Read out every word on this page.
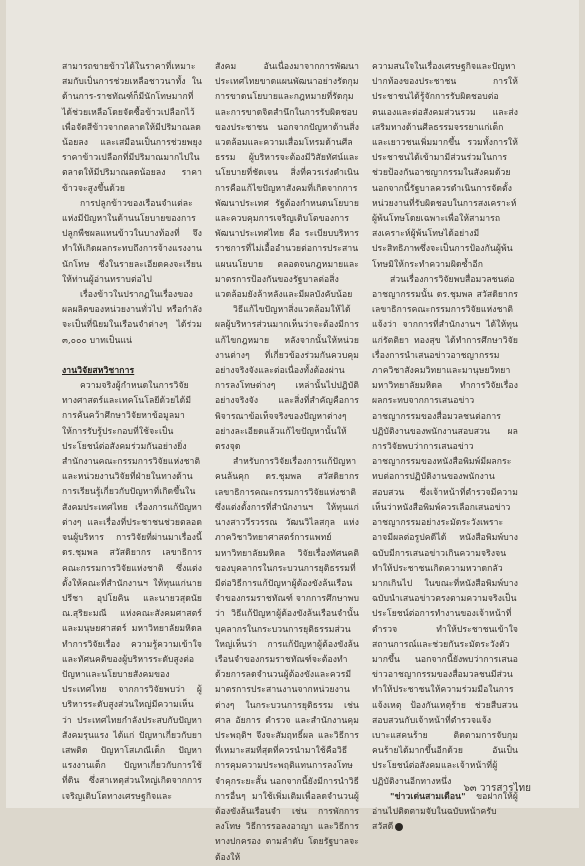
สามารถขายข้าวได้ในราคาที่เหมาะสมกับเป็นการช่วยเหลือชาวนาทั้ง ในด้านการ-ราชทัณฑ์ก็มีนักโทษมากที่ได้ช่วยเหลือโดยจัดซื้อข้าวเปลือกไว้เพื่อจัดสีข้าวจากตลาดให้มีปริมาณลดน้อยลง และเสมือนเป็นการช่วยพยุงราคาข้าวเปลือกที่มีปริมาณมากไปในตลาดให้มีปริมาณลดน้อยลง ราคาข้าวจะสูงขึ้นด้วย

การปลูกข้าวของเรือนจำแต่ละแห่งมีปัญหาในด้านนโยบายของการปลูกพืชผลแทนข้าวในบางท้องที่ จึงทำให้เกิดผลกระทบถึงการจ้างแรงงานนักโทษ ซึ่งในรายละเอียดคงจะเรียนให้ท่านผู้อ่านทราบต่อไป

เรื่องข้าวในปรากฏในเรื่องของผลผลิตของหน่วยงานทั่วไป หรือกำลังจะเป็นที่นิยมในเรือนจำต่างๆ ได้ร่วม ๓,๐๐๐ บาทเป็นแน่

งานวิจัยสหวิชาการ

ความจริงผู้กำหนดในการวิจัยทางศาสตร์และเทคโนโลยีด้วยได้มีการค้นคว้าศึกษาวิจัยหาข้อมูลมาให้การรับรู้ประกอบที่ใช้จะเป็นประโยชน์ต่อสังคมร่วมกันอย่างยิ่ง สำนักงานคณะกรรมการวิจัยแห่งชาติและหน่วยงานวิจัยที่ฝ่ายในทางด้านการเรียนรู้เกี่ยวกับปัญหาที่เกิดขึ้นในสังคมประเทศไทย เรื่องการแก้ปัญหาต่างๆ และเรื่องที่ประชาชนช่วยตลอดจนผู้บริหาร การวิจัยที่ผ่านมาเรื่องนี้ ดร.ชุมพล สวัสดิยากร เลขาธิการคณะกรรมการวิจัยแห่งชาติ ซึ่งแต่งตั้งให้คณะที่สำนักงานฯ ให้ทุนแก่นายปรีชา อุปโยคิน และนายวสุดนัย ณ.สุริยะมณี แห่งคณะสังคมศาสตร์และมนุษยศาสตร์ มหาวิทยาลัยมหิดล ทำการวิจัยเรื่อง ความรู้ความเข้าใจและทัศนคติของผู้บริหารระดับสูงต่อปัญหาและนโยบายสังคมของประเทศไทย จากการวิจัยพบว่า ผู้บริหารระดับสูงส่วนใหญ่มีความเห็นว่า ประเทศไทยกำลังประสบกับปัญหาสังคมรุนแรง ได้แก่ ปัญหาเกี่ยวกับยาเสพติด ปัญหาโสเภณีเด็ก ปัญหาแรงงานเด็ก ปัญหาเกี่ยวกับการใช้ที่ดิน ซึ่งสาเหตุส่วนใหญ่เกิดจากการเจริญเติบโตทางเศรษฐกิจและ

สังคม อันเนื่องมาจากการพัฒนาประเทศไทยขาดแผนพัฒนาอย่างรัดกุม การขาดนโยบายและกฎหมายที่รัดกุม และการขาดจิตสำนึกในการรับผิดชอบของประชาชน นอกจากปัญหาด้านสิ่งแวดล้อมและความเสื่อมโทรมด้านศีลธรรม ผู้บริหารจะต้องมีวิสัยทัศน์และนโยบายที่ชัดเจน สิ่งที่ควรเร่งดำเนินการคือแก้ไขปัญหาสังคมที่เกิดจากการพัฒนาประเทศ รัฐต้องกำหนดนโยบายและควบคุมการเจริญเติบโตของการพัฒนาประเทศไทย คือ ระเบียบบริหารราชการที่ไม่เอื้ออำนวยต่อการประสานแผนนโยบาย ตลอดจนกฎหมายและมาตรการป้องกันของรัฐบาลต่อสิ่งแวดล้อมยังล้าหลังและมีผลบังคับน้อย

วิธีแก้ไขปัญหาสิ่งแวดล้อมให้ได้ผลผู้บริหารส่วนมากเห็นว่าจะต้องมีการแก้ไขกฎหมาย หลังจากนั้นให้หน่วยงานต่างๆ ที่เกี่ยวข้องร่วมกันควบคุมอย่างจริงจังและต่อเนื่องทั้งต้องผ่านการลงโทษต่างๆ เหล่านั้นไปปฏิบัติอย่างจริงจัง และสิ่งที่สำคัญคือการพิจารณาข้อเท็จจริงของปัญหาต่างๆ อย่างละเอียดแล้วแก้ไขปัญหานั้นให้ตรงจุด

สำหรับการวิจัยเรื่องการแก้ปัญหาคนล้นคุก ดร.ชุมพล สวัสดิยากร เลขาธิการคณะกรรมการวิจัยแห่งชาติ ซึ่งแต่งตั้งการที่สำนักงานฯ ให้ทุนแก่ นางสาววีรวรรณ วัฒนวิไลสกุล แห่งภาควิชาวิทยาศาสตร์การแพทย์ มหาวิทยาลัยมหิดล วิจัยเรื่องทัศนคติของบุคลากรในกระบวนการยุติธรรมที่มีต่อวิธีการแก้ปัญหาผู้ต้องขังล้นเรือนจำของกรมราชทัณฑ์ จากการศึกษาพบว่า วิธีแก้ปัญหาผู้ต้องขังล้นเรือนจำนั้น บุคลากรในกระบวนการยุติธรรมส่วนใหญ่เห็นว่า การแก้ปัญหาผู้ต้องขังล้นเรือนจำของกรมราชทัณฑ์จะต้องทำด้วยการลดจำนวนผู้ต้องขังและควรมีมาตรการประสานงานจากหน่วยงานต่างๆ ในกระบวนการยุติธรรม เช่น ศาล อัยการ ตำรวจ และสำนักงานคุมประพฤติฯ จึงจะสัมฤทธิ์ผล และวิธีการที่เหมาะสมที่สุดที่ควรนำมาใช้คือวิธีการคุมความประพฤติแทนการลงโทษจำคุกระยะสั้น นอกจากนี้ยังมีการนำวิธีการอื่นๆ มาใช้เพิ่มเติมเพื่อลดจำนวนผู้ต้องขังล้นเรือนจำ เช่น การพักการลงโทษ วิธีการรอลงอาญา และวิธีการทางปกครอง ตามลำดับ โดยรัฐบาลจะต้องให้

ความสนใจในเรื่องเศรษฐกิจและปัญหาปากท้องของประชาชน การให้ประชาชนได้รู้จักการรับผิดชอบต่อตนเองและต่อสังคมส่วนรวม และส่งเสริมทางด้านศีลธรรมจรรยาแก่เด็กและเยาวชนเพิ่มมากขึ้น รวมทั้งการให้ประชาชนได้เข้ามามีส่วนร่วมในการช่วยป้องกันอาชญากรรมในสังคมด้วย นอกจากนี้รัฐบาลควรดำเนินการจัดตั้งหน่วยงานที่รับผิดชอบในการสงเคราะห์ผู้พ้นโทษโดยเฉพาะเพื่อให้สามารถสงเคราะห์ผู้พ้นโทษได้อย่างมีประสิทธิภาพซึ่งจะเป็นการป้องกันผู้พ้นโทษมิให้กระทำความผิดซ้ำอีก

ส่วนเรื่องการวิจัยพบสื่อมวลชนต่ออาชญากรรมนั้น ดร.ชุมพล สวัสดิยากร เลขาธิการคณะกรรมการวิจัยแห่งชาติ แจ้งว่า จากการที่สำนักงานฯ ได้ให้ทุนแก่รัตติยา ทองสุข ได้ทำการศึกษาวิจัยเรื่องการนำเสนอข่าวอาชญากรรม ภาควิชาสังคมวิทยาและมานุษยวิทยา มหาวิทยาลัยมหิดล ทำการวิจัยเรื่องผลกระทบจากการเสนอข่าวอาชญากรรมของสื่อมวลชนต่อการปฏิบัติงานของพนักงานสอบสวน ผลการวิจัยพบว่าการเสนอข่าวอาชญากรรมของหนังสือพิมพ์มีผลกระทบต่อการปฏิบัติงานของพนักงานสอบสวน ซึ่งเจ้าหน้าที่ตำรวจมีความเห็นว่าหนังสือพิมพ์ควรเลือกเสนอข่าวอาชญากรรมอย่างระมัดระวังเพราะอาจมีผลต่อรูปคดีได้ หนังสือพิมพ์บางฉบับมีการเสนอข่าวเกินความจริงจนทำให้ประชาชนเกิดความหวาดกลัวมากเกินไป ในขณะที่หนังสือพิมพ์บางฉบับนำเสนอข่าวตรงตามความจริงเป็นประโยชน์ต่อการทำงานของเจ้าหน้าที่ตำรวจ ทำให้ประชาชนเข้าใจสถานการณ์และช่วยกันระมัดระวังตัวมากขึ้น นอกจากนี้ยังพบว่าการเสนอข่าวอาชญากรรมของสื่อมวลชนมีส่วนทำให้ประชาชนให้ความร่วมมือในการแจ้งเหตุ ป้องกันเหตุร้าย ช่วยสืบสวนสอบสวนกับเจ้าหน้าที่ตำรวจแจ้งเบาะแสคนร้าย ติดตามการจับกุมคนร้ายได้มากขึ้นอีกด้วย อันเป็นประโยชน์ต่อสังคมและเจ้าหน้าที่ผู้ปฏิบัติงานอีกทางหนึ่ง

"ข่าวเด่นสามเดือน" ขอฝากให้ผู้อ่านไปติดตามจับในฉบับหน้าครับ สวัสดี

๖๓ วารสารไทย
